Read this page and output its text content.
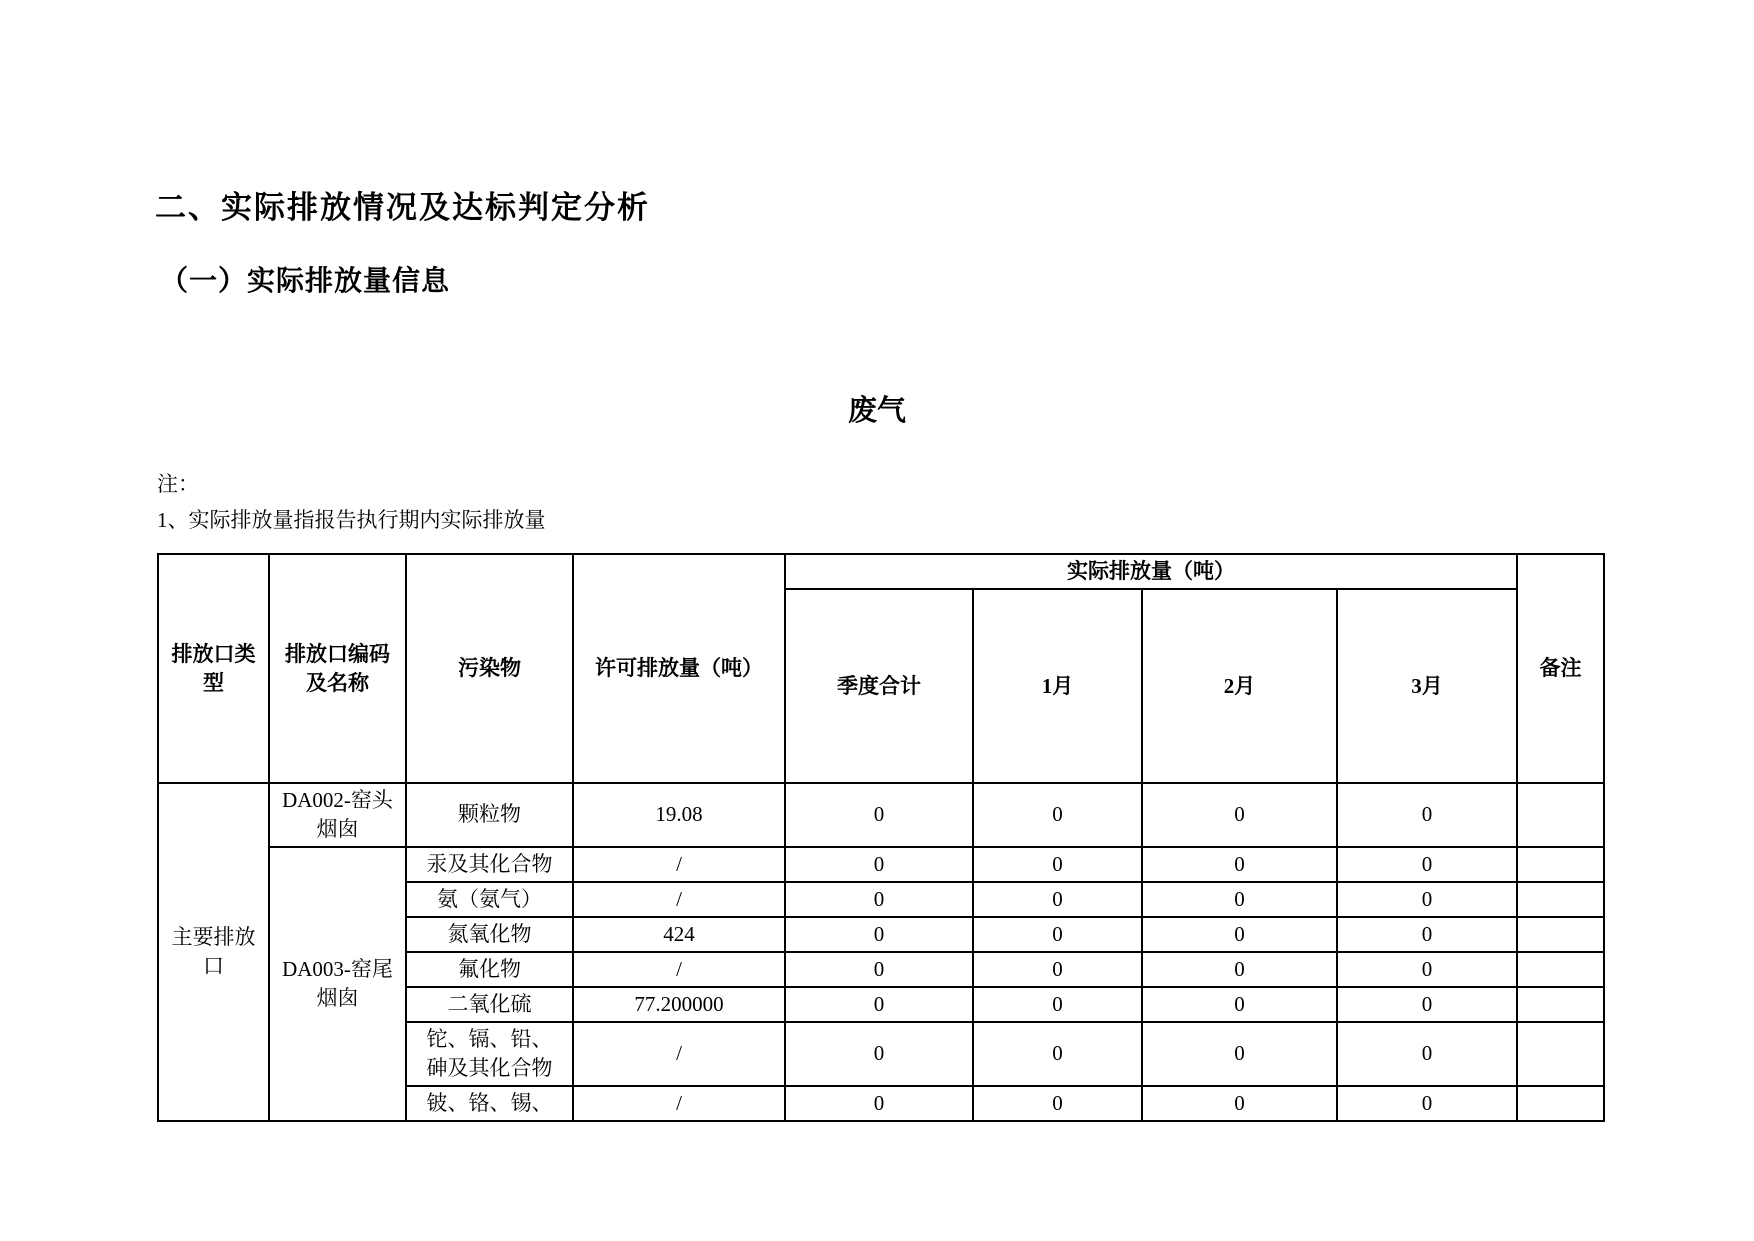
二、实际排放情况及达标判定分析
（一）实际排放量信息
废气
注：
1、实际排放量指报告执行期内实际排放量
排放口类型	排放口编码及名称	污染物	许可排放量（吨）	实际排放量（吨）				备注
				季度合计	1月	2月	3月	
主要排放口	DA002-窑头烟囱	颗粒物	19.08	0	0	0	0	
	DA003-窑尾烟囱	汞及其化合物	/	0	0	0	0	
		氨（氨气）	/	0	0	0	0	
		氮氧化物	424	0	0	0	0	
		氟化物	/	0	0	0	0	
		二氧化硫	77.200000	0	0	0	0	
		铊、镉、铅、砷及其化合物	/	0	0	0	0	
		铍、铬、锡、	/	0	0	0	0	
